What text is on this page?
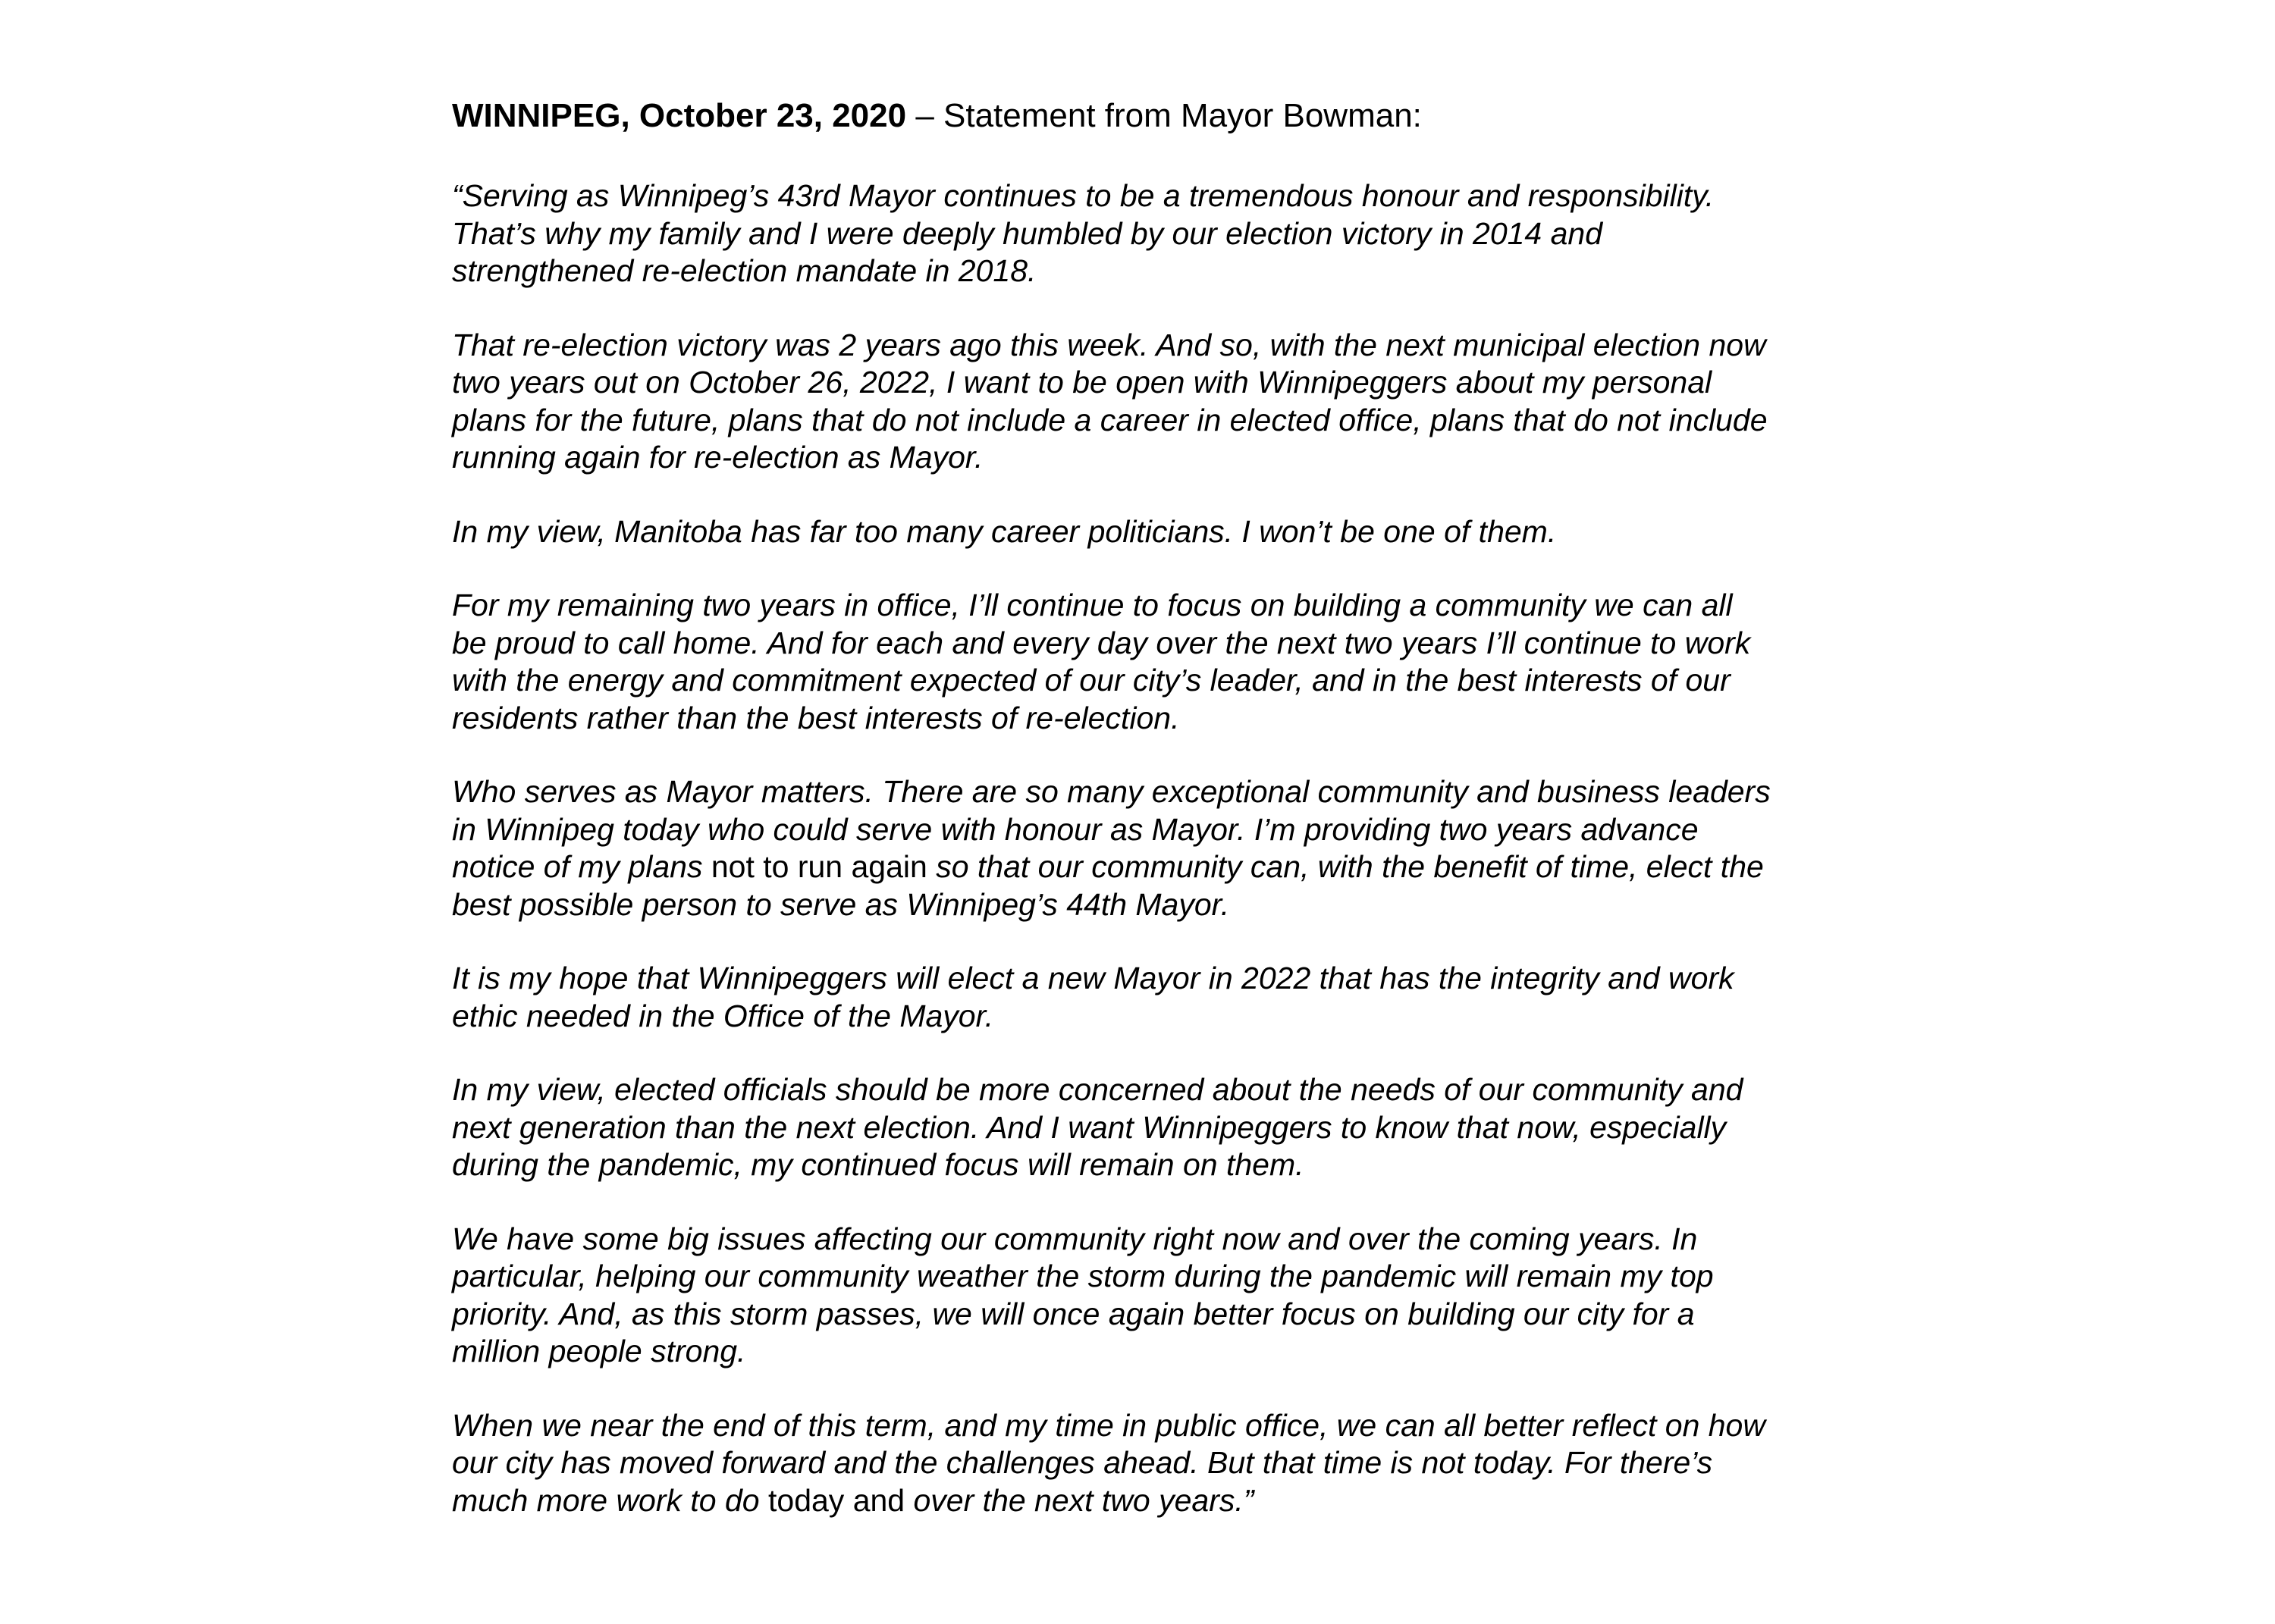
WINNIPEG, October 23, 2020 – Statement from Mayor Bowman:

“Serving as Winnipeg’s 43rd Mayor continues to be a tremendous honour and responsibility.
That’s why my family and I were deeply humbled by our election victory in 2014 and
strengthened re-election mandate in 2018.

That re-election victory was 2 years ago this week. And so, with the next municipal election now
two years out on October 26, 2022, I want to be open with Winnipeggers about my personal
plans for the future, plans that do not include a career in elected office, plans that do not include
running again for re-election as Mayor.

In my view, Manitoba has far too many career politicians. I won’t be one of them.

For my remaining two years in office, I’ll continue to focus on building a community we can all
be proud to call home. And for each and every day over the next two years I’ll continue to work
with the energy and commitment expected of our city’s leader, and in the best interests of our
residents rather than the best interests of re-election.

Who serves as Mayor matters. There are so many exceptional community and business leaders
in Winnipeg today who could serve with honour as Mayor. I’m providing two years advance
notice of my plans not to run again so that our community can, with the benefit of time, elect the
best possible person to serve as Winnipeg’s 44th Mayor.

It is my hope that Winnipeggers will elect a new Mayor in 2022 that has the integrity and work
ethic needed in the Office of the Mayor.

In my view, elected officials should be more concerned about the needs of our community and
next generation than the next election. And I want Winnipeggers to know that now, especially
during the pandemic, my continued focus will remain on them.

We have some big issues affecting our community right now and over the coming years. In
particular, helping our community weather the storm during the pandemic will remain my top
priority. And, as this storm passes, we will once again better focus on building our city for a
million people strong.

When we near the end of this term, and my time in public office, we can all better reflect on how
our city has moved forward and the challenges ahead. But that time is not today. For there’s
much more work to do today and over the next two years.”
